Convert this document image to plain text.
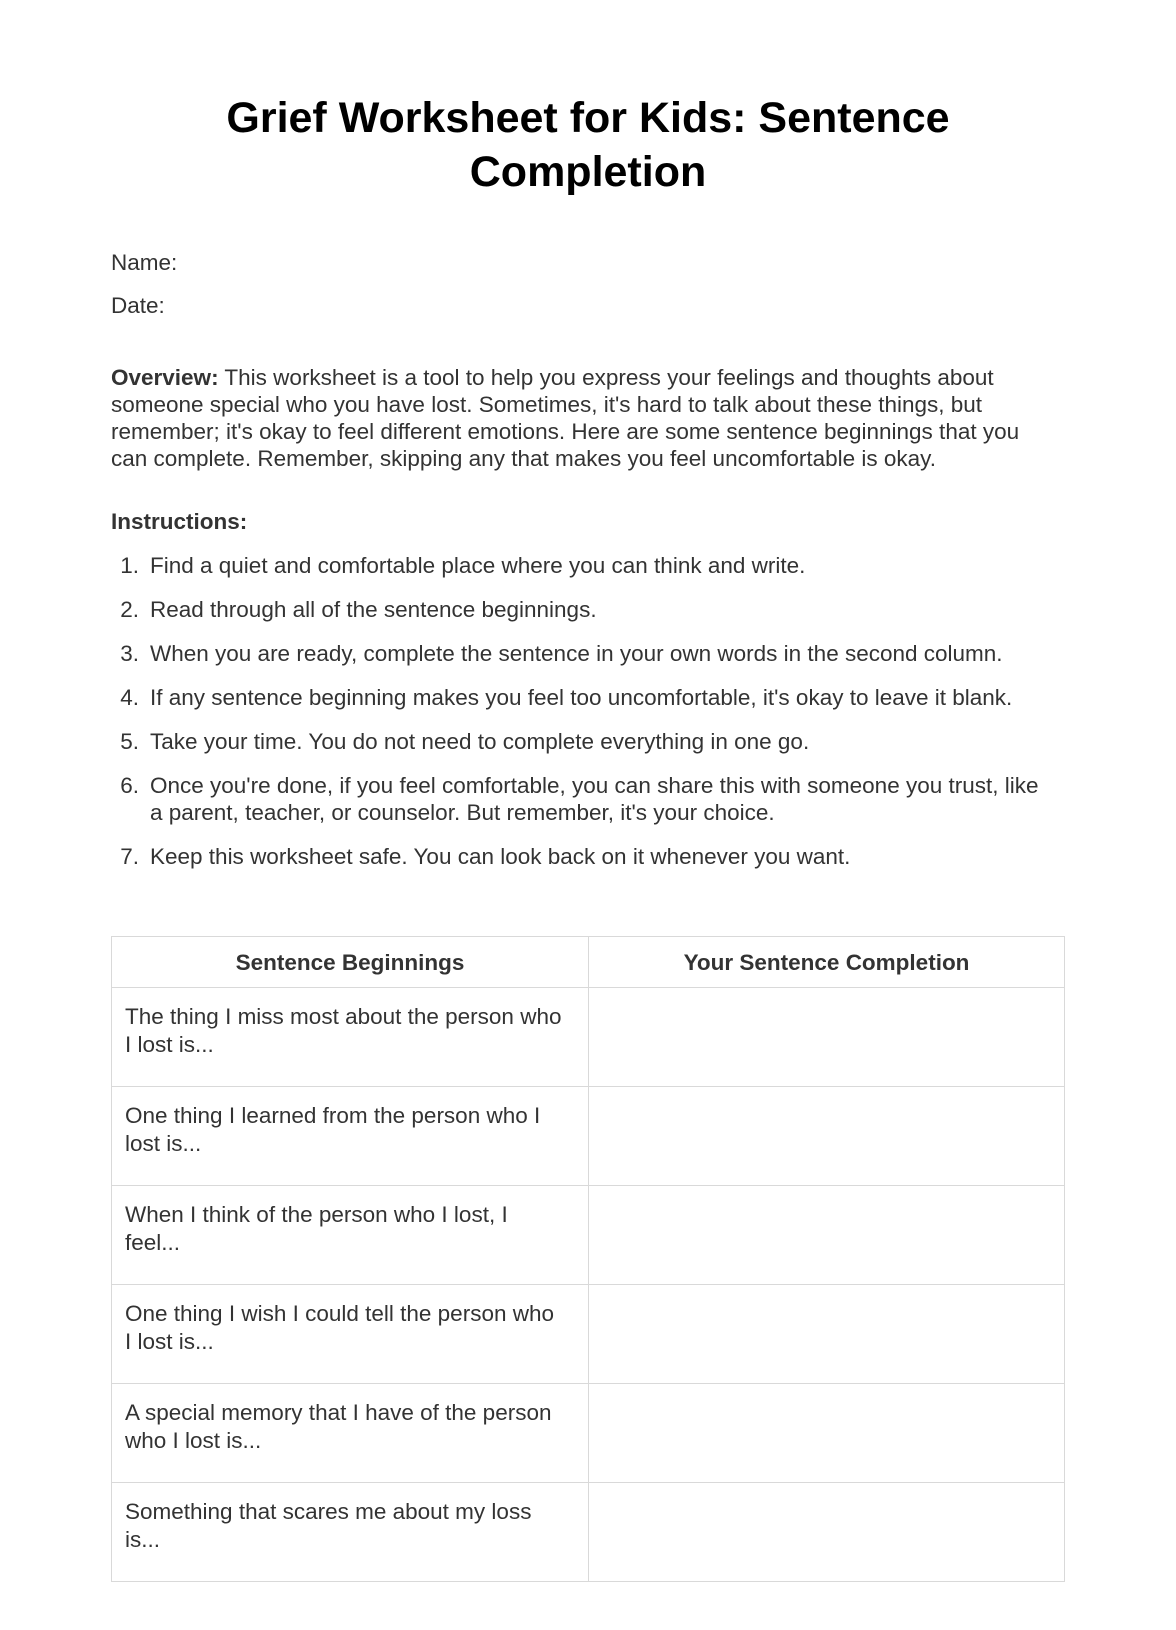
Grief Worksheet for Kids: Sentence Completion

Name:

Date:

Overview: This worksheet is a tool to help you express your feelings and thoughts about someone special who you have lost. Sometimes, it's hard to talk about these things, but remember; it's okay to feel different emotions. Here are some sentence beginnings that you can complete. Remember, skipping any that makes you feel uncomfortable is okay.

Instructions:

1. Find a quiet and comfortable place where you can think and write.
2. Read through all of the sentence beginnings.
3. When you are ready, complete the sentence in your own words in the second column.
4. If any sentence beginning makes you feel too uncomfortable, it's okay to leave it blank.
5. Take your time. You do not need to complete everything in one go.
6. Once you're done, if you feel comfortable, you can share this with someone you trust, like a parent, teacher, or counselor. But remember, it's your choice.
7. Keep this worksheet safe. You can look back on it whenever you want.
Sentence Beginnings	Your Sentence Completion
The thing I miss most about the person who I lost is...	
One thing I learned from the person who I lost is...	
When I think of the person who I lost, I feel...	
One thing I wish I could tell the person who I lost is...	
A special memory that I have of the person who I lost is...	
Something that scares me about my loss is...	
